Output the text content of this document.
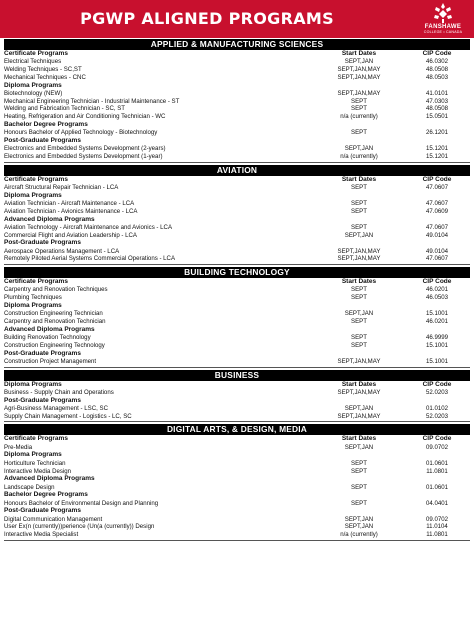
PGWP ALIGNED PROGRAMS	FANSHAWE
COLLEGE • CANADA
APPLIED & MANUFACTURING SCIENCES
Certificate Programs	Start Dates	CIP Code
Electrical Techniques	SEPT,JAN	46.0302
Welding Techniques - SC,ST	SEPT,JAN,MAY	48.0508
Mechanical Techniques - CNC	SEPT,JAN,MAY	48.0503
Diploma Programs
Biotechnology (NEW)	SEPT,JAN,MAY	41.0101
Mechanical Engineering Technician - Industrial Maintenance - ST	SEPT	47.0303
Welding and Fabrication Technician - SC, ST	SEPT	48.0508
Heating, Refrigeration and Air Conditioning Technician - WC	n/a (currently)	15.0501
Bachelor Degree Programs
Honours Bachelor of Applied Technology - Biotechnology	SEPT	26.1201
Post-Graduate Programs
Electronics and Embedded Systems Development (2-years)	SEPT,JAN	15.1201
Electronics and Embedded Systems Development (1-year)	n/a (currently)	15.1201
AVIATION
Certificate Programs	Start Dates	CIP Code
Aircraft Structural Repair Technician - LCA	SEPT	47.0607
Diploma Programs
Aviation Technician - Aircraft Maintenance - LCA	SEPT	47.0607
Aviation Technician - Avionics Maintenance - LCA	SEPT	47.0609
Advanced Diploma Programs
Aviation Technology - Aircraft Maintenance and Avionics - LCA	SEPT	47.0607
Commercial Flight and Aviation Leadership - LCA	SEPT,JAN	49.0104
Post-Graduate Programs
Aerospace Operations Management - LCA	SEPT,JAN,MAY	49.0104
Remotely Piloted Aerial Systems Commercial Operations - LCA	SEPT,JAN,MAY	47.0607
BUILDING TECHNOLOGY
Certificate Programs	Start Dates	CIP Code
Carpentry and Renovation Techniques	SEPT	46.0201
Plumbing Techniques	SEPT	46.0503
Diploma Programs
Construction Engineering Technician	SEPT,JAN	15.1001
Carpentry and Renovation Technician	SEPT	46.0201
Advanced Diploma Programs
Building Renovation Technology	SEPT	46.9999
Construction Engineering Technology	SEPT	15.1001
Post-Graduate Programs
Construction Project Management	SEPT,JAN,MAY	15.1001
BUSINESS
Diploma Programs	Start Dates	CIP Code
Business - Supply Chain and Operations	SEPT,JAN,MAY	52.0203
Post-Graduate Programs
Agri-Business Management - LSC, SC	SEPT,JAN	01.0102
Supply Chain Management - Logistics - LC, SC	SEPT,JAN,MAY	52.0203
DIGITAL ARTS, & DESIGN, MEDIA
Certificate Programs	Start Dates	CIP Code
Pre-Media	SEPT,JAN	09.0702
Diploma Programs
Horticulture Technician	SEPT	01.0601
Interactive Media Design	SEPT	11.0801
Advanced Diploma Programs
Landscape Design	SEPT	01.0601
Bachelor Degree Programs
Honours Bachelor of Environmental Design and Planning	SEPT	04.0401
Post-Graduate Programs
Digital Communication Management	SEPT,JAN	09.0702
User Ex(n (currently))perience (Un(a (currently)) Design	SEPT,JAN	11.0104
Interactive Media Specialist	n/a (currently)	11.0801
